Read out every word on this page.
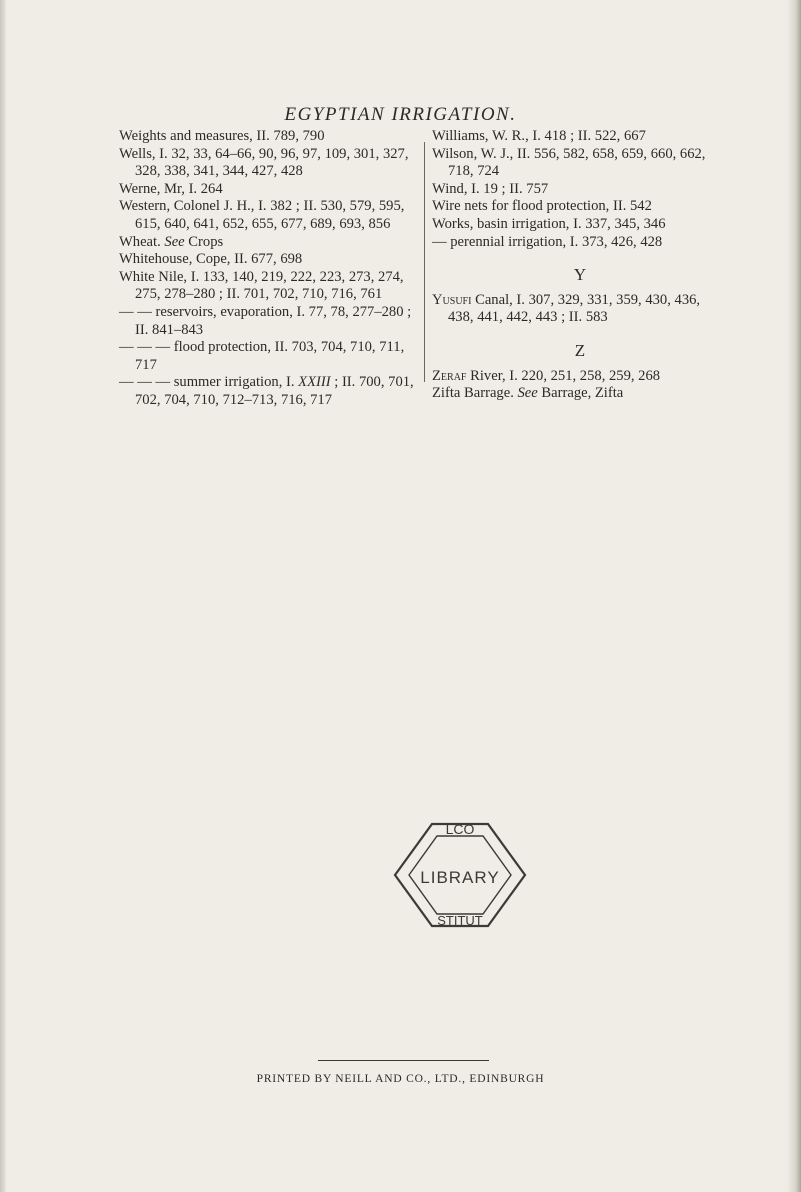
EGYPTIAN IRRIGATION.

Weights and measures, II. 789, 790

Wells, I. 32, 33, 64–66, 90, 96, 97, 109, 301, 327, 328, 338, 341, 344, 427, 428

Werne, Mr, I. 264

Western, Colonel J. H., I. 382 ; II. 530, 579, 595, 615, 640, 641, 652, 655, 677, 689, 693, 856

Wheat. See Crops

Whitehouse, Cope, II. 677, 698

White Nile, I. 133, 140, 219, 222, 223, 273, 274, 275, 278–280 ; II. 701, 702, 710, 716, 761

— — reservoirs, evaporation, I. 77, 78, 277–280 ; II. 841–843

— — — flood protection, II. 703, 704, 710, 711, 717

— — — summer irrigation, I. XXIII ; II. 700, 701, 702, 704, 710, 712–713, 716, 717

Williams, W. R., I. 418 ; II. 522, 667

Wilson, W. J., II. 556, 582, 658, 659, 660, 662, 718, 724

Wind, I. 19 ; II. 757

Wire nets for flood protection, II. 542

Works, basin irrigation, I. 337, 345, 346

— perennial irrigation, I. 373, 426, 428

Y

Yusufi Canal, I. 307, 329, 331, 359, 430, 436, 438, 441, 442, 443 ; II. 583

Z

Zeraf River, I. 220, 251, 258, 259, 268

Zifta Barrage. See Barrage, Zifta

LCO
LIBRARY
STITUT
PRINTED BY NEILL AND CO., LTD., EDINBURGH
